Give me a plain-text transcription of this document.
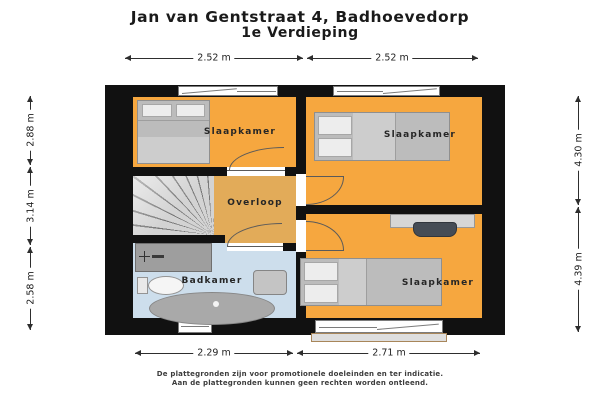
Jan van Gentstraat 4, Badhoevedorp
1e Verdieping
Slaapkamer	Slaapkamer
Overloop
Badkamer	Slaapkamer
2.52 m	2.52 m
2.29 m	2.71 m
2.88 m
3.14 m
2.58 m
4.30 m
4.39 m
De plattegronden zijn voor promotionele doeleinden en ter indicatie.
Aan de plattegronden kunnen geen rechten worden ontleend.
